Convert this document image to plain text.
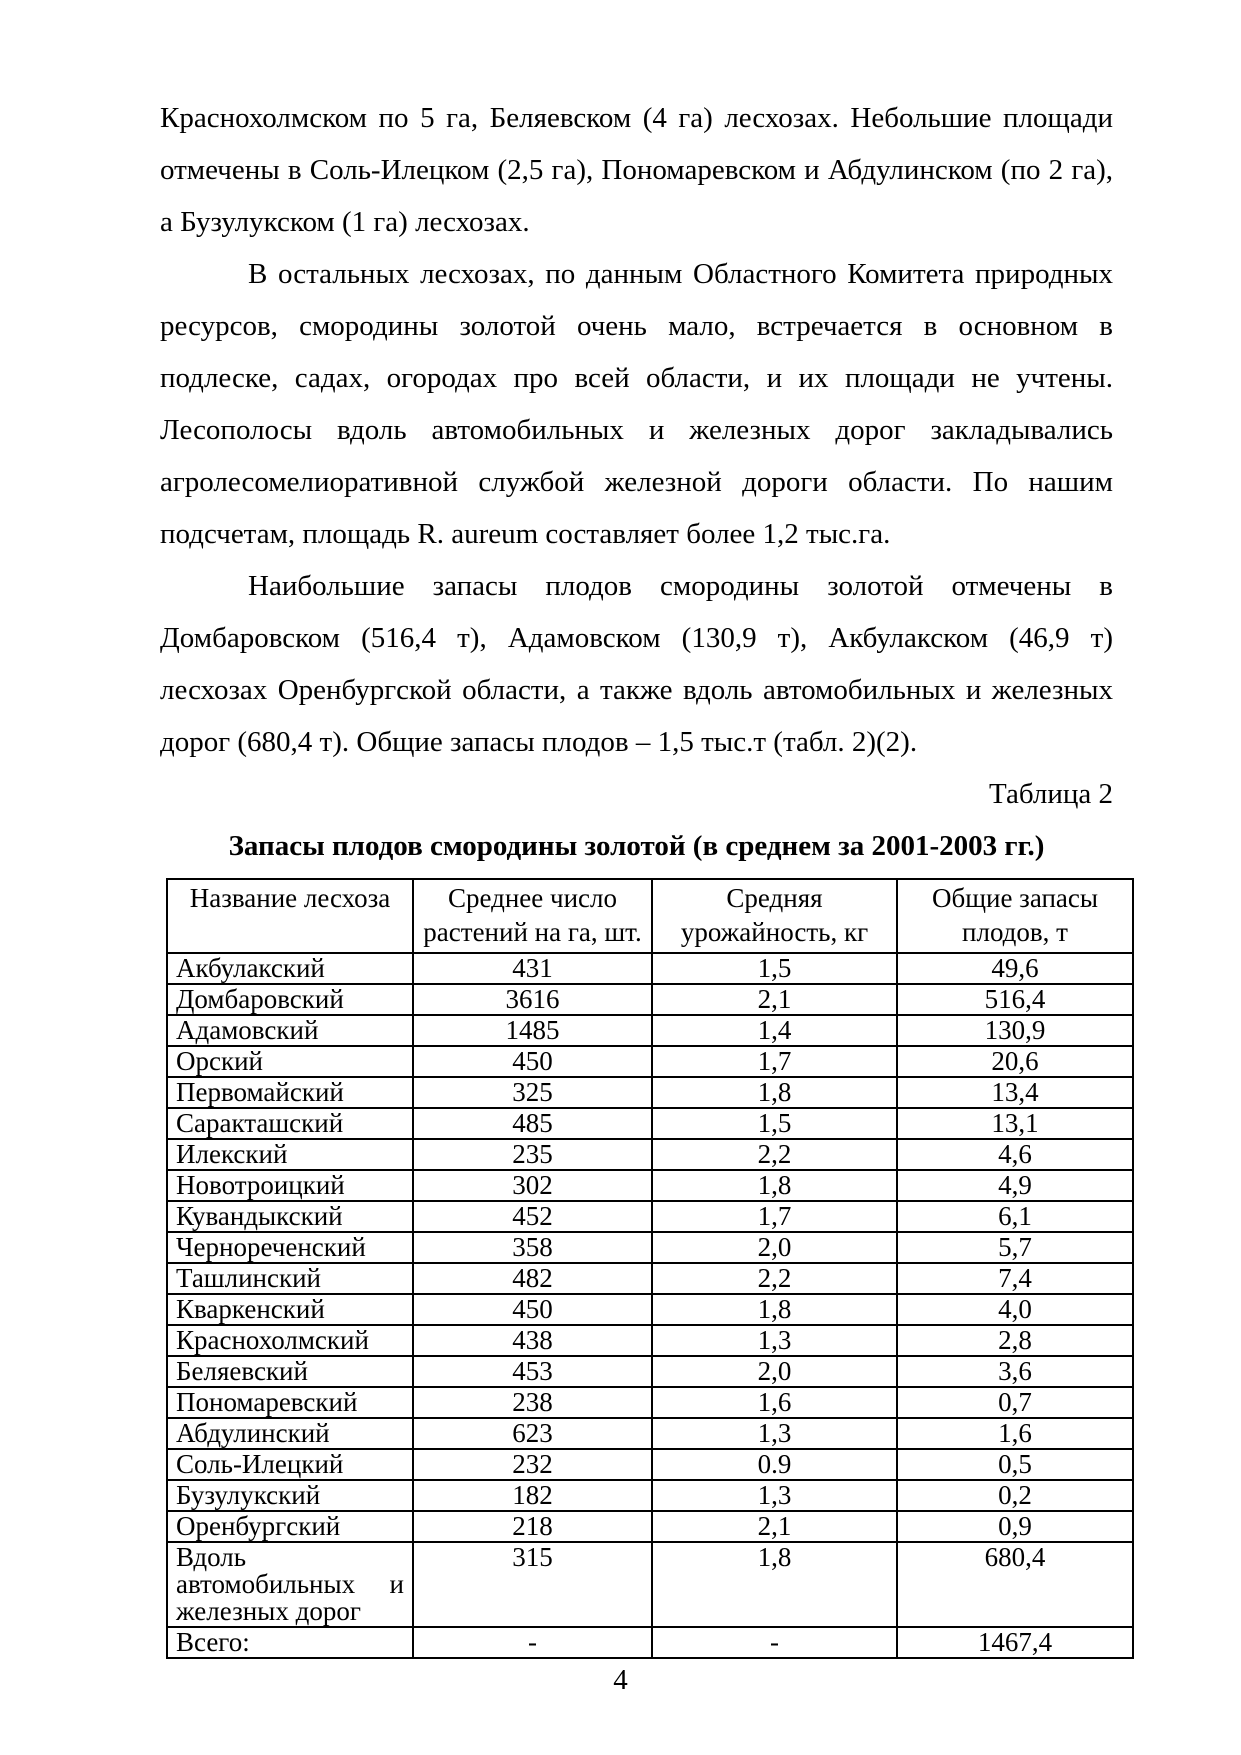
Краснохолмском по 5 га, Беляевском (4 га) лесхозах. Небольшие площади отмечены в Соль-Илецком (2,5 га), Пономаревском и Абдулинском (по 2 га), а Бузулукском (1 га) лесхозах.

В остальных лесхозах, по данным Областного Комитета природных ресурсов, смородины золотой очень мало, встречается в основном в подлеске, садах, огородах про всей области, и их площади не учтены. Лесополосы вдоль автомобильных и железных дорог закладывались агролесомелиоративной службой железной дороги области. По нашим подсчетам, площадь R. aureum составляет более 1,2 тыс.га.

Наибольшие запасы плодов смородины золотой отмечены в Домбаровском (516,4 т), Адамовском (130,9 т), Акбулакском (46,9 т) лесхозах Оренбургской области, а также вдоль автомобильных и железных дорог (680,4 т). Общие запасы плодов – 1,5 тыс.т (табл. 2)(2).

Таблица 2

Запасы плодов смородины золотой (в среднем за 2001-2003 гг.)

Название лесхоза	Среднее число растений на га, шт.	Средняя урожайность, кг	Общие запасы плодов, т
Акбулакский	431	1,5	49,6
Домбаровский	3616	2,1	516,4
Адамовский	1485	1,4	130,9
Орский	450	1,7	20,6
Первомайский	325	1,8	13,4
Саракташский	485	1,5	13,1
Илекский	235	2,2	4,6
Новотроицкий	302	1,8	4,9
Кувандыкский	452	1,7	6,1
Чернореченский	358	2,0	5,7
Ташлинский	482	2,2	7,4
Кваркенский	450	1,8	4,0
Краснохолмский	438	1,3	2,8
Беляевский	453	2,0	3,6
Пономаревский	238	1,6	0,7
Абдулинский	623	1,3	1,6
Соль-Илецкий	232	0.9	0,5
Бузулукский	182	1,3	0,2
Оренбургский	218	2,1	0,9
Вдоль автомобильных и железных дорог	315	1,8	680,4
Всего:	-	-	1467,4
4
